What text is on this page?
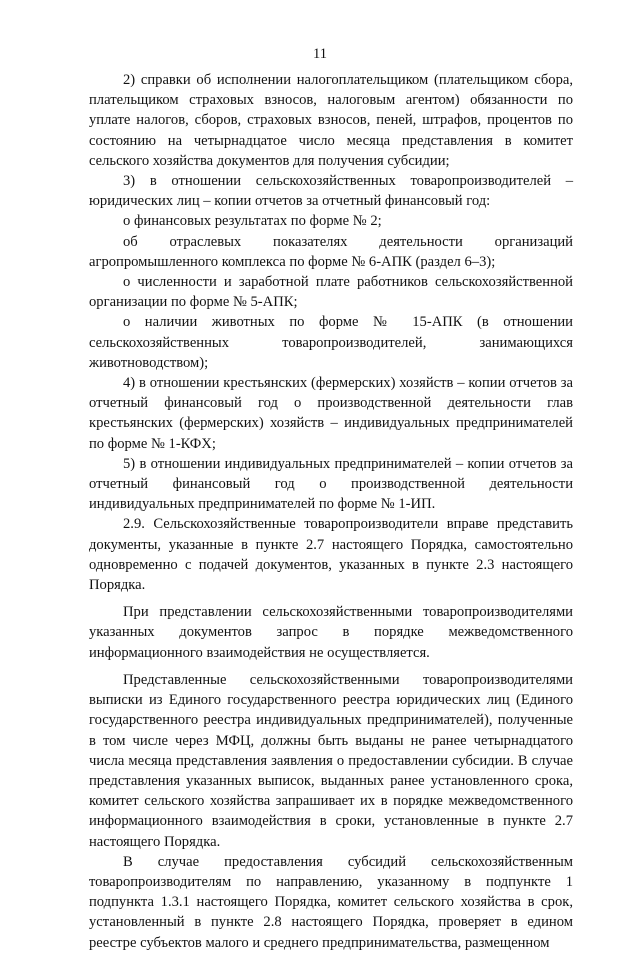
11

2) справки об исполнении налогоплательщиком (плательщиком сбора, плательщиком страховых взносов, налоговым агентом) обязанности по уплате налогов, сборов, страховых взносов, пеней, штрафов, процентов по состоянию на четырнадцатое число месяца представления в комитет сельского хозяйства документов для получения субсидии;

3) в отношении сельскохозяйственных товаропроизводителей – юридических лиц – копии отчетов за отчетный финансовый год:

о финансовых результатах по форме № 2;

об отраслевых показателях деятельности организаций агропромышленного комплекса по форме № 6-АПК (раздел 6–3);

о численности и заработной плате работников сельскохозяйственной организации по форме № 5-АПК;

о наличии животных по форме № 15-АПК (в отношении сельскохозяйственных товаропроизводителей, занимающихся животноводством);

4) в отношении крестьянских (фермерских) хозяйств – копии отчетов за отчетный финансовый год о производственной деятельности глав крестьянских (фермерских) хозяйств – индивидуальных предпринимателей по форме № 1-КФХ;

5) в отношении индивидуальных предпринимателей – копии отчетов за отчетный финансовый год о производственной деятельности индивидуальных предпринимателей по форме № 1-ИП.

2.9. Сельскохозяйственные товаропроизводители вправе представить документы, указанные в пункте 2.7 настоящего Порядка, самостоятельно одновременно с подачей документов, указанных в пункте 2.3 настоящего Порядка.

При представлении сельскохозяйственными товаропроизводителями указанных документов запрос в порядке межведомственного информационного взаимодействия не осуществляется.

Представленные сельскохозяйственными товаропроизводителями выписки из Единого государственного реестра юридических лиц (Единого государственного реестра индивидуальных предпринимателей), полученные в том числе через МФЦ, должны быть выданы не ранее четырнадцатого числа месяца представления заявления о предоставлении субсидии. В случае представления указанных выписок, выданных ранее установленного срока, комитет сельского хозяйства запрашивает их в порядке межведомственного информационного взаимодействия в сроки, установленные в пункте 2.7 настоящего Порядка.

В случае предоставления субсидий сельскохозяйственным товаропроизводителям по направлению, указанному в подпункте 1 подпункта 1.3.1 настоящего Порядка, комитет сельского хозяйства в срок, установленный в пункте 2.8 настоящего Порядка, проверяет в едином реестре субъектов малого и среднего предпринимательства, размещенном
